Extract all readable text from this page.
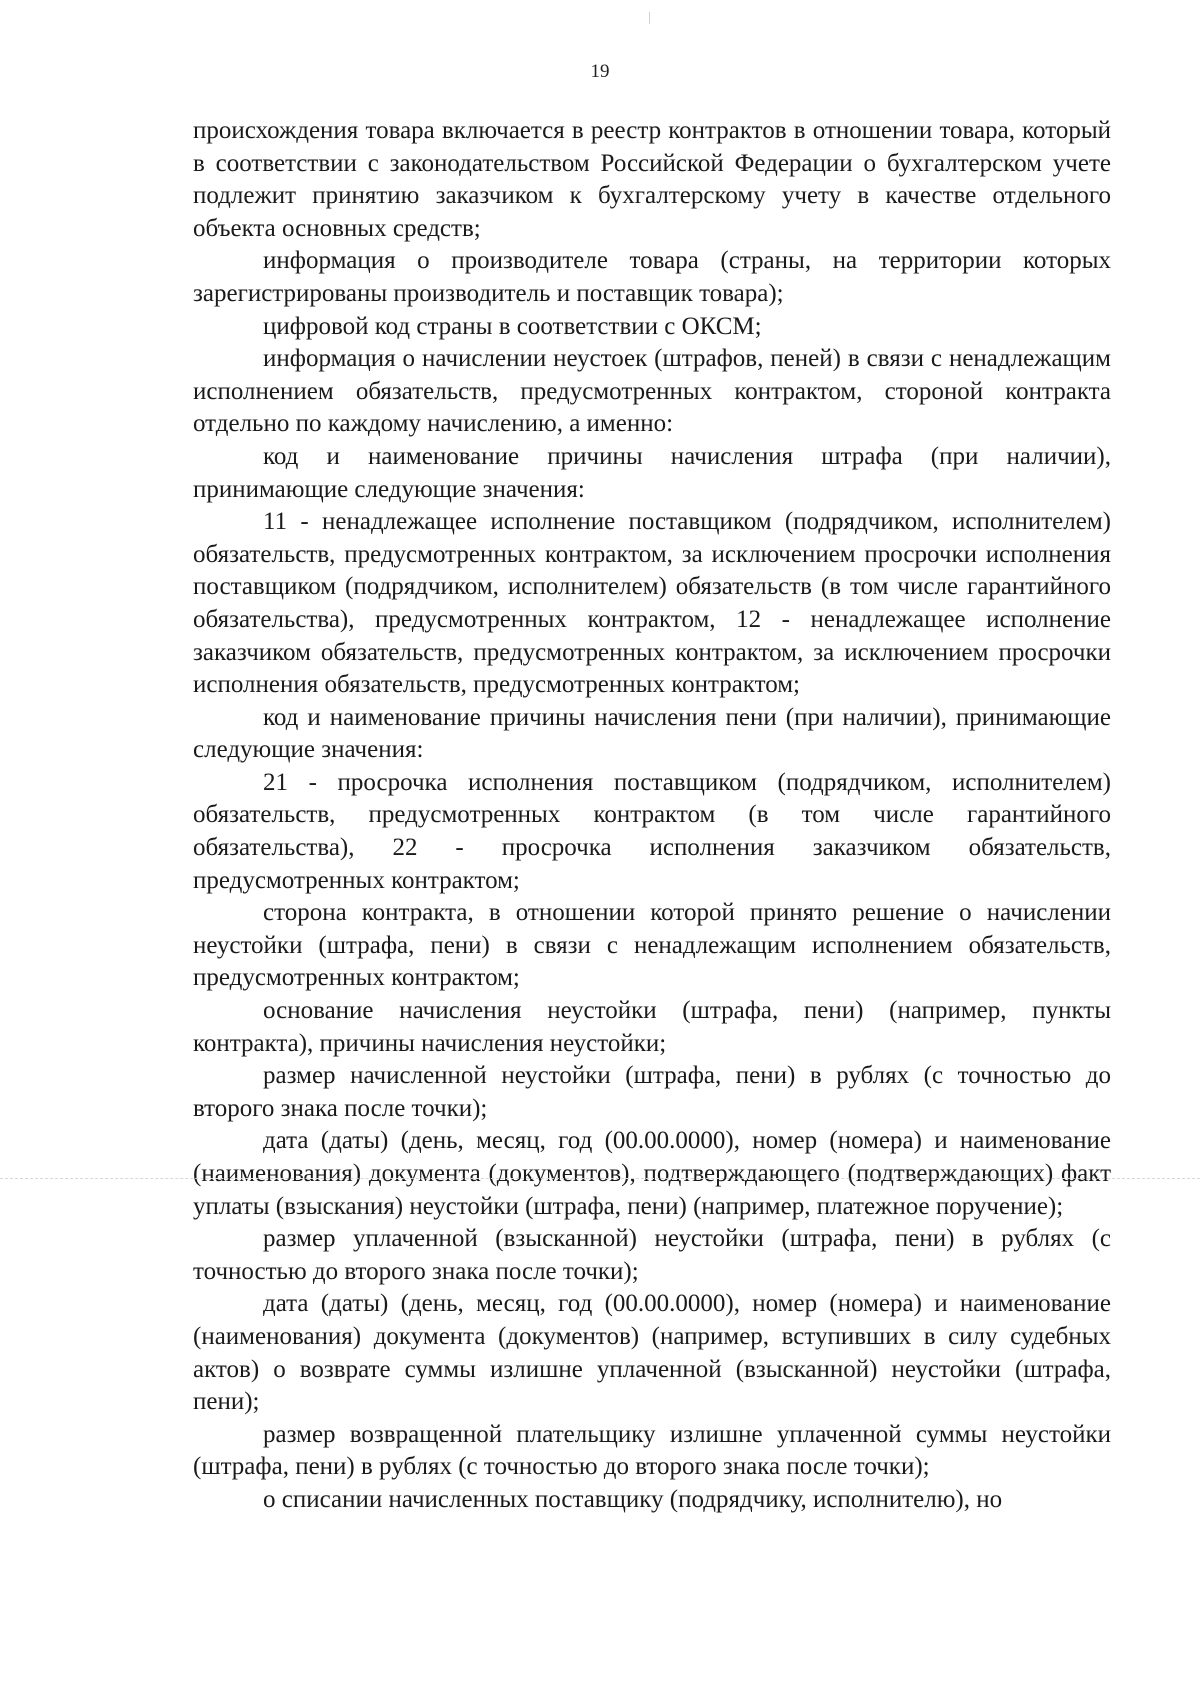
19

происхождения товара включается в реестр контрактов в отношении товара, который в соответствии с законодательством Российской Федерации о бухгалтерском учете подлежит принятию заказчиком к бухгалтерскому учету в качестве отдельного объекта основных средств;

информация о производителе товара (страны, на территории которых зарегистрированы производитель и поставщик товара);

цифровой код страны в соответствии с ОКСМ;

информация о начислении неустоек (штрафов, пеней) в связи с ненадлежащим исполнением обязательств, предусмотренных контрактом, стороной контракта отдельно по каждому начислению, а именно:

код и наименование причины начисления штрафа (при наличии), принимающие следующие значения:

11 - ненадлежащее исполнение поставщиком (подрядчиком, исполнителем) обязательств, предусмотренных контрактом, за исключением просрочки исполнения поставщиком (подрядчиком, исполнителем) обязательств (в том числе гарантийного обязательства), предусмотренных контрактом, 12 - ненадлежащее исполнение заказчиком обязательств, предусмотренных контрактом, за исключением просрочки исполнения обязательств, предусмотренных контрактом;

код и наименование причины начисления пени (при наличии), принимающие следующие значения:

21 - просрочка исполнения поставщиком (подрядчиком, исполнителем) обязательств, предусмотренных контрактом (в том числе гарантийного обязательства), 22 - просрочка исполнения заказчиком обязательств, предусмотренных контрактом;

сторона контракта, в отношении которой принято решение о начислении неустойки (штрафа, пени) в связи с ненадлежащим исполнением обязательств, предусмотренных контрактом;

основание начисления неустойки (штрафа, пени) (например, пункты контракта), причины начисления неустойки;

размер начисленной неустойки (штрафа, пени) в рублях (с точностью до второго знака после точки);

дата (даты) (день, месяц, год (00.00.0000), номер (номера) и наименование (наименования) документа (документов), подтверждающего (подтверждающих) факт уплаты (взыскания) неустойки (штрафа, пени) (например, платежное поручение);

размер уплаченной (взысканной) неустойки (штрафа, пени) в рублях (с точностью до второго знака после точки);

дата (даты) (день, месяц, год (00.00.0000), номер (номера) и наименование (наименования) документа (документов) (например, вступивших в силу судебных актов) о возврате суммы излишне уплаченной (взысканной) неустойки (штрафа, пени);

размер возвращенной плательщику излишне уплаченной суммы неустойки (штрафа, пени) в рублях (с точностью до второго знака после точки);

о списании начисленных поставщику (подрядчику, исполнителю), но
